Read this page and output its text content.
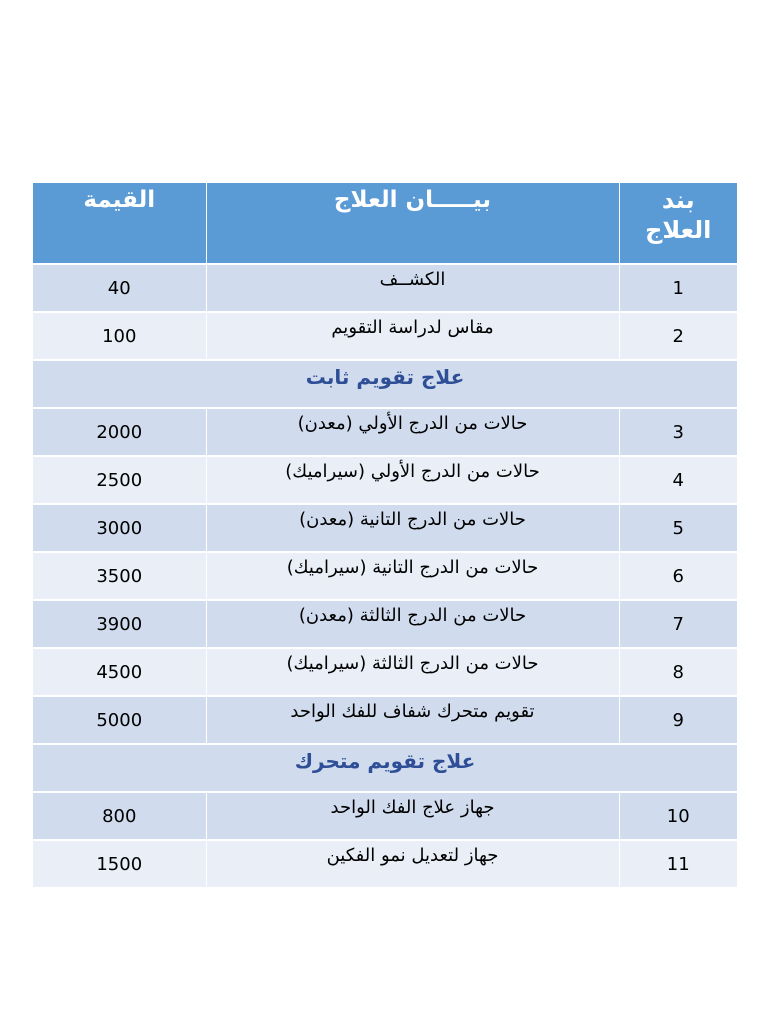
القيمة	بيـــــان العلاج	بند
العلاج

40	الكشــف	1
100	مقاس لدراسة التقويم	2
علاج تقويم ثابت		
2000	حالات من الدرج الأولي (معدن)	3
2500	حالات من الدرج الأولي (سيراميك)	4
3000	حالات من الدرج التانية (معدن)	5
3500	حالات من الدرج التانية (سيراميك)	6
3900	حالات من الدرج الثالثة (معدن)	7
4500	حالات من الدرج الثالثة (سيراميك)	8
5000	تقويم متحرك شفاف للفك الواحد	9
علاج تقويم متحرك		
800	جهاز علاج الفك الواحد	10
1500	جهاز لتعديل نمو الفكين	11
